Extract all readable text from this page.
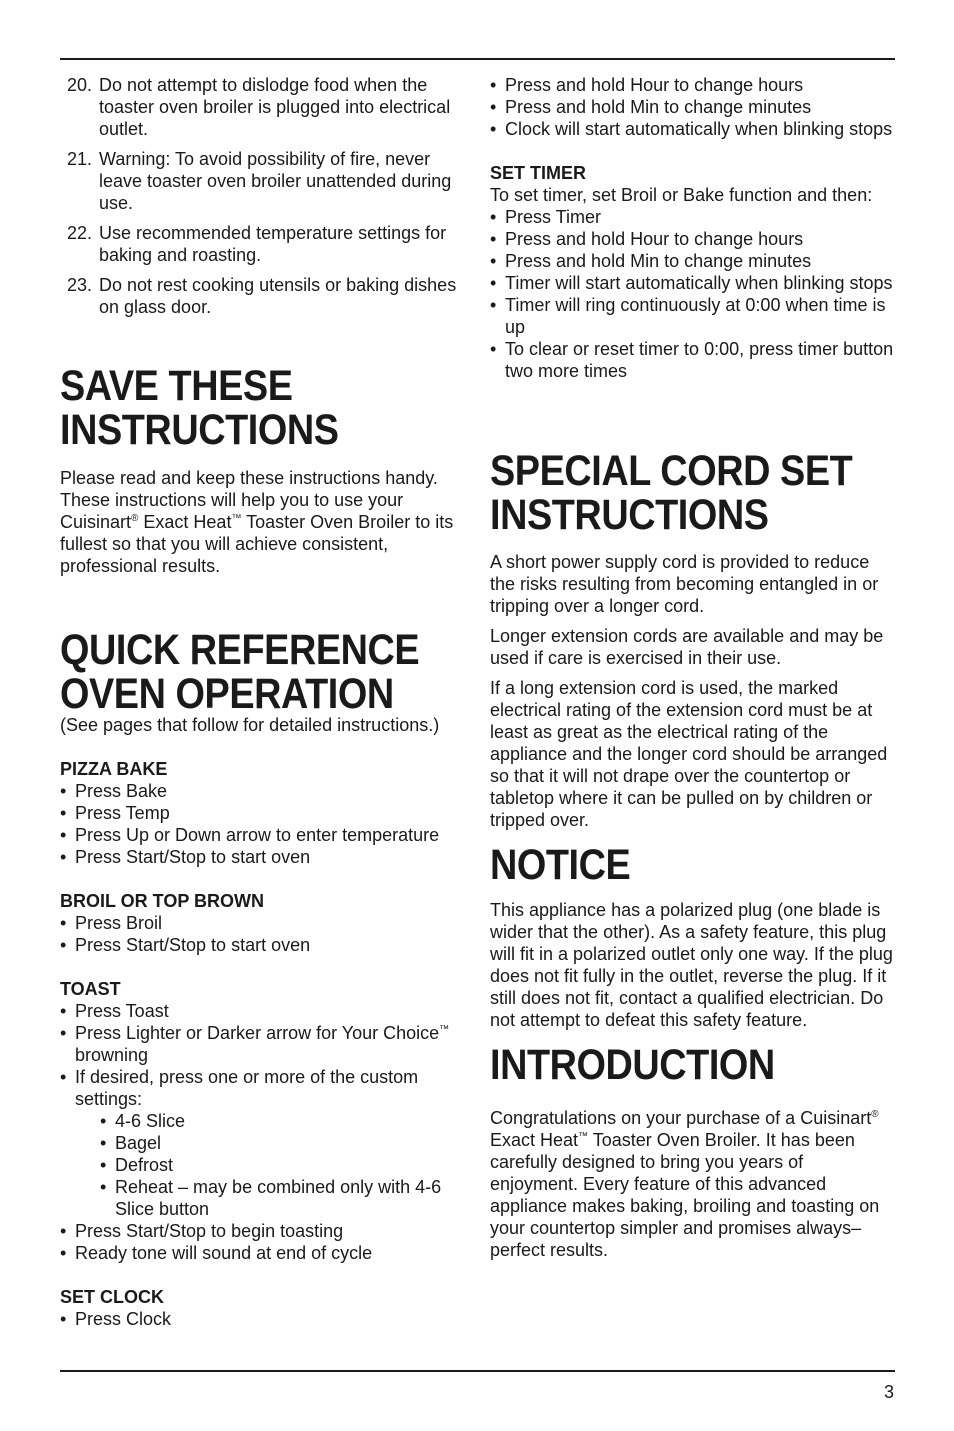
20. Do not attempt to dislodge food when the toaster oven broiler is plugged into electrical outlet.
21. Warning: To avoid possibility of fire, never leave toaster oven broiler unattended during use.
22. Use recommended temperature settings for baking and roasting.
23. Do not rest cooking utensils or baking dishes on glass door.
SAVE THESE
INSTRUCTIONS

Please read and keep these instructions handy. These instructions will help you to use your Cuisinart® Exact Heat™ Toaster Oven Broiler to its fullest so that you will achieve consistent, professional results.

QUICK REFERENCE
OVEN OPERATION

(See pages that follow for detailed instructions.)

PIZZA BAKE
• Press Bake
• Press Temp
• Press Up or Down arrow to enter temperature
• Press Start/Stop to start oven
BROIL OR TOP BROWN
• Press Broil
• Press Start/Stop to start oven
TOAST
• Press Toast
• Press Lighter or Darker arrow for Your Choice™ browning
• If desired, press one or more of the custom settings:
• 4-6 Slice
• Bagel
• Defrost
• Reheat – may be combined only with 4-6 Slice button
• Press Start/Stop to begin toasting
• Ready tone will sound at end of cycle
SET CLOCK
• Press Clock
• Press and hold Hour to change hours
• Press and hold Min to change minutes
• Clock will start automatically when blinking stops
SET TIMER

To set timer, set Broil or Bake function and then:

• Press Timer
• Press and hold Hour to change hours
• Press and hold Min to change minutes
• Timer will start automatically when blinking stops
• Timer will ring continuously at 0:00 when time is up
• To clear or reset timer to 0:00, press timer button two more times
SPECIAL CORD SET
INSTRUCTIONS

A short power supply cord is provided to reduce the risks resulting from becoming entangled in or tripping over a longer cord.

Longer extension cords are available and may be used if care is exercised in their use.

If a long extension cord is used, the marked electrical rating of the extension cord must be at least as great as the electrical rating of the appliance and the longer cord should be arranged so that it will not drape over the countertop or tabletop where it can be pulled on by children or tripped over.

NOTICE

This appliance has a polarized plug (one blade is wider that the other). As a safety feature, this plug will fit in a polarized outlet only one way. If the plug does not fit fully in the outlet, reverse the plug. If it still does not fit, contact a qualified electrician. Do not attempt to defeat this safety feature.

INTRODUCTION

Congratulations on your purchase of a Cuisinart® Exact Heat™ Toaster Oven Broiler. It has been carefully designed to bring you years of enjoyment. Every feature of this advanced appliance makes baking, broiling and toasting on your countertop simpler and promises always–perfect results.

3
